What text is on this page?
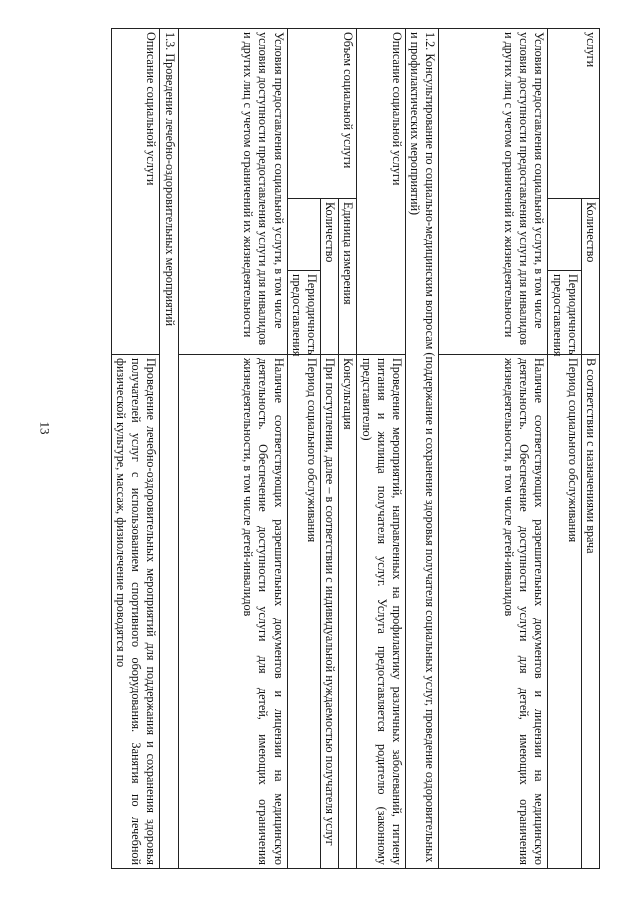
13
услуги	Количество		В соответствии с назначениями врача
		Периодичность предоставления	Период социального обслуживания
Условия предоставления социальной услуги, в том числе условия доступности предоставления услуги для инвалидов и других лиц с учетом ограничений их жизнедеятельности			Наличие соответствующих разрешительных документов и лицензии на медицинскую деятельность. Обеспечение доступности услуги для детей, имеющих ограничения жизнедеятельности, в том числе детей-инвалидов
1.2. Консультирование по социально-медицинским вопросам (поддержание и сохранение здоровья получателя социальных услуг, проведение оздоровительных и профилактических мероприятий)			
Описание социальной услуги			Проведение мероприятий, направленных на профилактику различных заболеваний, гигиену питания и жилища получателя услуг. Услуга предоставляется родителю (законному представителю)
Объем социальной услуги	Единица измерения		Консультация
	Количество		При поступлении, далее – в соответствии с индивидуальной нуждаемостью получателя услуг
		Периодичность предоставления	Период социального обслуживания
Условия предоставления социальной услуги, в том числе условия доступности предоставления услуги для инвалидов и других лиц с учетом ограничений их жизнедеятельности			Наличие соответствующих разрешительных документов и лицензии на медицинскую деятельность. Обеспечение доступности услуги для детей, имеющих ограничения жизнедеятельности, в том числе детей-инвалидов
1.3. Проведение лечебно-оздоровительных мероприятий			
Описание социальной услуги			Проведение лечебно-оздоровительных мероприятий для поддержания и сохранения здоровья получателей услуг с использованием спортивного оборудования. Занятия по лечебной физической культуре, массаж, физиолечение проводятся по
